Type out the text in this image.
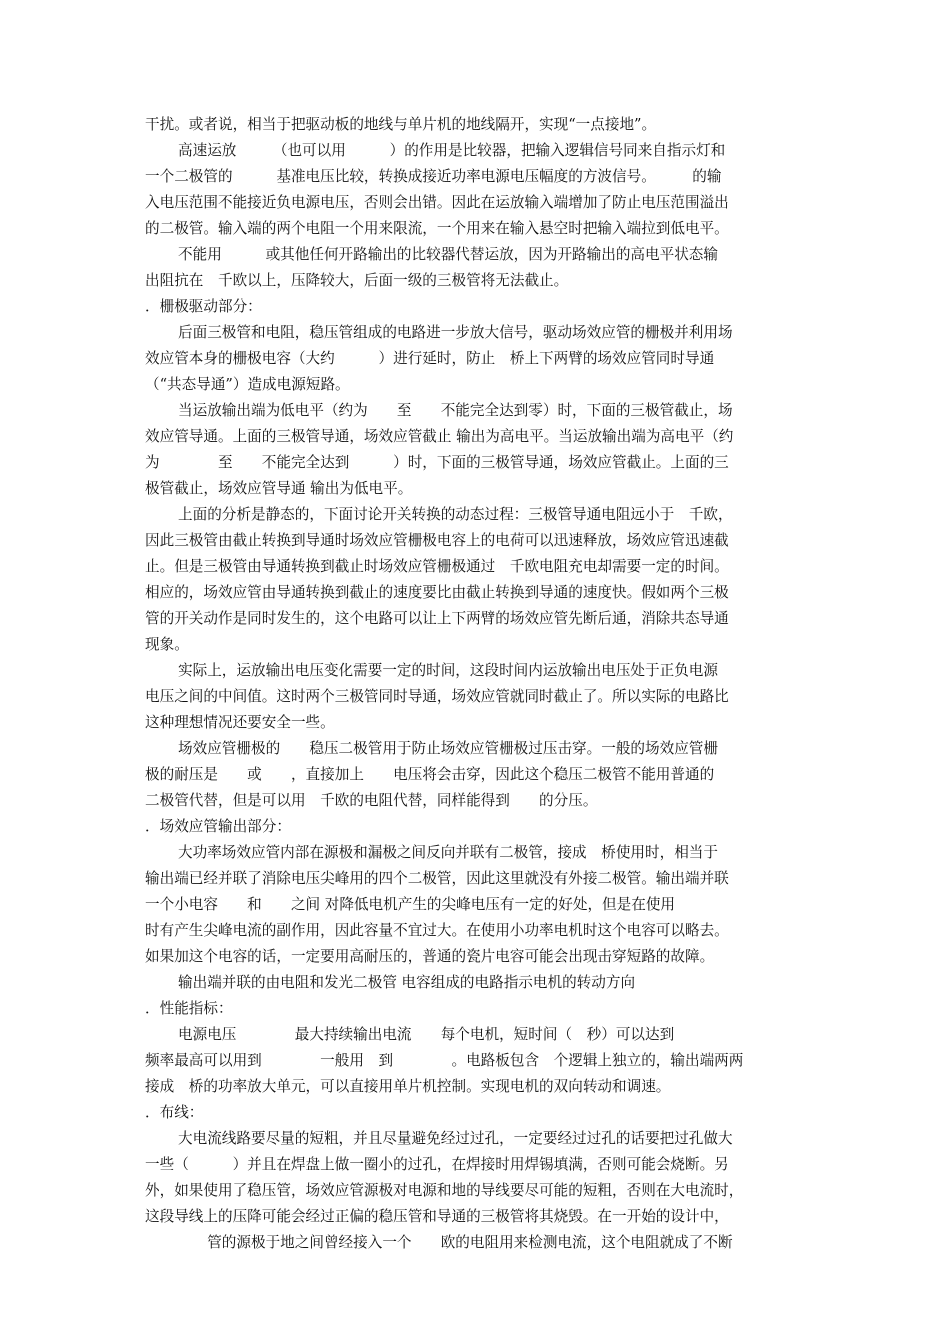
干扰。或者说，相当于把驱动板的地线与单片机的地线隔开，实现“一点接地”。
高速运放　　　（也可以用　　　）的作用是比较器，把输入逻辑信号同来自指示灯和
一个二极管的　　　基准电压比较，转换成接近功率电源电压幅度的方波信号。　　　的输
入电压范围不能接近负电源电压，否则会出错。因此在运放输入端增加了防止电压范围溢出
的二极管。输入端的两个电阻一个用来限流，一个用来在输入悬空时把输入端拉到低电平。
不能用　　　或其他任何开路输出的比较器代替运放，因为开路输出的高电平状态输
出阻抗在　千欧以上，压降较大，后面一级的三极管将无法截止。
．栅极驱动部分：
后面三极管和电阻，稳压管组成的电路进一步放大信号，驱动场效应管的栅极并利用场
效应管本身的栅极电容（大约　　　）进行延时，防止　桥上下两臂的场效应管同时导通
（“共态导通”）造成电源短路。
当运放输出端为低电平（约为　　至　　不能完全达到零）时，下面的三极管截止，场
效应管导通。上面的三极管导通，场效应管截止 输出为高电平。当运放输出端为高电平（约
为　　　　至　　不能完全达到　　　）时，下面的三极管导通，场效应管截止。上面的三
极管截止，场效应管导通 输出为低电平。
上面的分析是静态的，下面讨论开关转换的动态过程：三极管导通电阻远小于　千欧，
因此三极管由截止转换到导通时场效应管栅极电容上的电荷可以迅速释放，场效应管迅速截
止。但是三极管由导通转换到截止时场效应管栅极通过　千欧电阻充电却需要一定的时间。
相应的，场效应管由导通转换到截止的速度要比由截止转换到导通的速度快。假如两个三极
管的开关动作是同时发生的，这个电路可以让上下两臂的场效应管先断后通，消除共态导通
现象。
实际上，运放输出电压变化需要一定的时间，这段时间内运放输出电压处于正负电源
电压之间的中间值。这时两个三极管同时导通，场效应管就同时截止了。所以实际的电路比
这种理想情况还要安全一些。
场效应管栅极的　　稳压二极管用于防止场效应管栅极过压击穿。一般的场效应管栅
极的耐压是　　或　　，直接加上　　电压将会击穿，因此这个稳压二极管不能用普通的
二极管代替，但是可以用　千欧的电阻代替，同样能得到　　的分压。
．场效应管输出部分：
大功率场效应管内部在源极和漏极之间反向并联有二极管，接成　桥使用时，相当于
输出端已经并联了消除电压尖峰用的四个二极管，因此这里就没有外接二极管。输出端并联
一个小电容　　和　　之间 对降低电机产生的尖峰电压有一定的好处，但是在使用
时有产生尖峰电流的副作用，因此容量不宜过大。在使用小功率电机时这个电容可以略去。
如果加这个电容的话，一定要用高耐压的，普通的瓷片电容可能会出现击穿短路的故障。
输出端并联的由电阻和发光二极管 电容组成的电路指示电机的转动方向
．性能指标：
电源电压　　　　最大持续输出电流　　每个电机，短时间（　秒）可以达到
频率最高可以用到　　　　一般用　到　　　　。电路板包含　个逻辑上独立的，输出端两两
接成　桥的功率放大单元，可以直接用单片机控制。实现电机的双向转动和调速。
．布线：
大电流线路要尽量的短粗，并且尽量避免经过过孔，一定要经过过孔的话要把过孔做大
一些（　　　）并且在焊盘上做一圈小的过孔，在焊接时用焊锡填满，否则可能会烧断。另
外，如果使用了稳压管，场效应管源极对电源和地的导线要尽可能的短粗，否则在大电流时，
这段导线上的压降可能会经过正偏的稳压管和导通的三极管将其烧毁。在一开始的设计中，
　　管的源极于地之间曾经接入一个　　欧的电阻用来检测电流，这个电阻就成了不断
